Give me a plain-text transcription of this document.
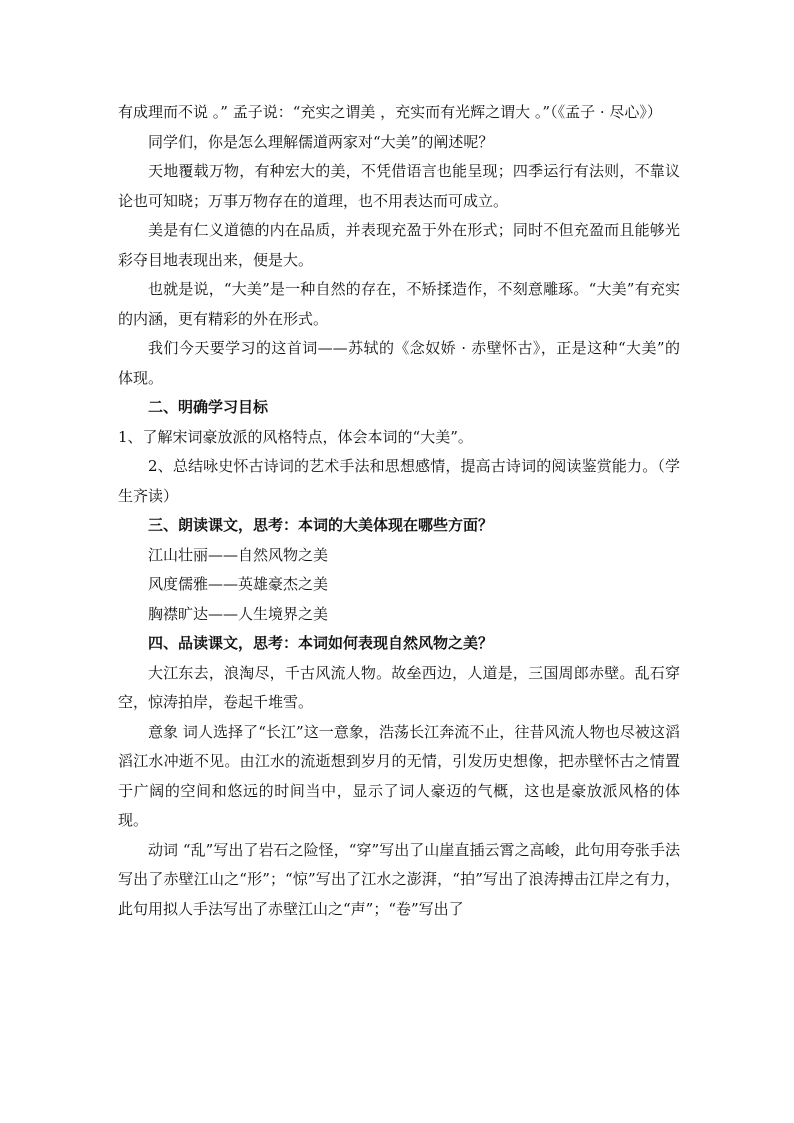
有成理而不说 。” 孟子说：“充实之谓美 ，充实而有光辉之谓大 。”（《孟子 · 尽心》）

同学们，你是怎么理解儒道两家对“大美”的阐述呢？

天地覆载万物，有种宏大的美，不凭借语言也能呈现；四季运行有法则，不靠议论也可知晓；万事万物存在的道理，也不用表达而可成立。

美是有仁义道德的内在品质，并表现充盈于外在形式；同时不但充盈而且能够光彩夺目地表现出来，便是大。

也就是说，“大美”是一种自然的存在，不矫揉造作，不刻意雕琢。“大美”有充实的内涵，更有精彩的外在形式。

我们今天要学习的这首词——苏轼的《念奴娇 · 赤壁怀古》，正是这种“大美”的体现。

二、明确学习目标

1、了解宋词豪放派的风格特点，体会本词的“大美”。

2、总结咏史怀古诗词的艺术手法和思想感情，提高古诗词的阅读鉴赏能力。（学生齐读）

三、朗读课文，思考：本词的大美体现在哪些方面？

江山壮丽——自然风物之美

风度儒雅——英雄豪杰之美

胸襟旷达——人生境界之美

四、品读课文，思考：本词如何表现自然风物之美？

大江东去，浪淘尽，千古风流人物。故垒西边，人道是，三国周郎赤壁。乱石穿空，惊涛拍岸，卷起千堆雪。

意象 词人选择了“长江”这一意象，浩荡长江奔流不止，往昔风流人物也尽被这滔滔江水冲逝不见。由江水的流逝想到岁月的无情，引发历史想像，把赤壁怀古之情置于广阔的空间和悠远的时间当中，显示了词人豪迈的气概，这也是豪放派风格的体现。

动词 “乱”写出了岩石之险怪，“穿”写出了山崖直插云霄之高峻，此句用夸张手法写出了赤壁江山之“形”；“惊”写出了江水之澎湃，“拍”写出了浪涛搏击江岸之有力，此句用拟人手法写出了赤壁江山之“声”；“卷”写出了
